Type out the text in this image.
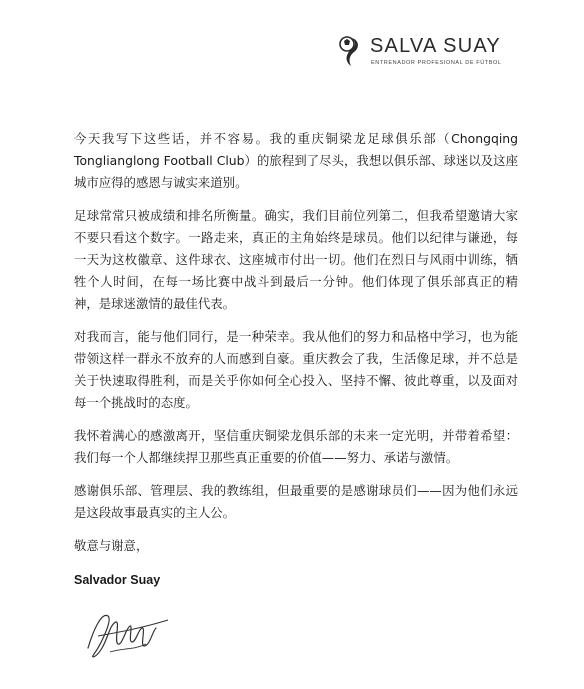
SALVA SUAY
ENTRENADOR PROFESIONAL DE FÚTBOL

今天我写下这些话，并不容易。我的重庆铜梁龙足球俱乐部（Chongqing Tonglianglong Football Club）的旅程到了尽头，我想以俱乐部、球迷以及这座城市应得的感恩与诚实来道别。

足球常常只被成绩和排名所衡量。确实，我们目前位列第二，但我希望邀请大家不要只看这个数字。一路走来，真正的主角始终是球员。他们以纪律与谦逊，每一天为这枚徽章、这件球衣、这座城市付出一切。他们在烈日与风雨中训练，牺牲个人时间，在每一场比赛中战斗到最后一分钟。他们体现了俱乐部真正的精神，是球迷激情的最佳代表。

对我而言，能与他们同行，是一种荣幸。我从他们的努力和品格中学习，也为能带领这样一群永不放弃的人而感到自豪。重庆教会了我，生活像足球，并不总是关于快速取得胜利，而是关乎你如何全心投入、坚持不懈、彼此尊重，以及面对每一个挑战时的态度。

我怀着满心的感激离开，坚信重庆铜梁龙俱乐部的未来一定光明，并带着希望：我们每一个人都继续捍卫那些真正重要的价值——努力、承诺与激情。

感谢俱乐部、管理层、我的教练组，但最重要的是感谢球员们——因为他们永远是这段故事最真实的主人公。

敬意与谢意，

Salvador Suay
